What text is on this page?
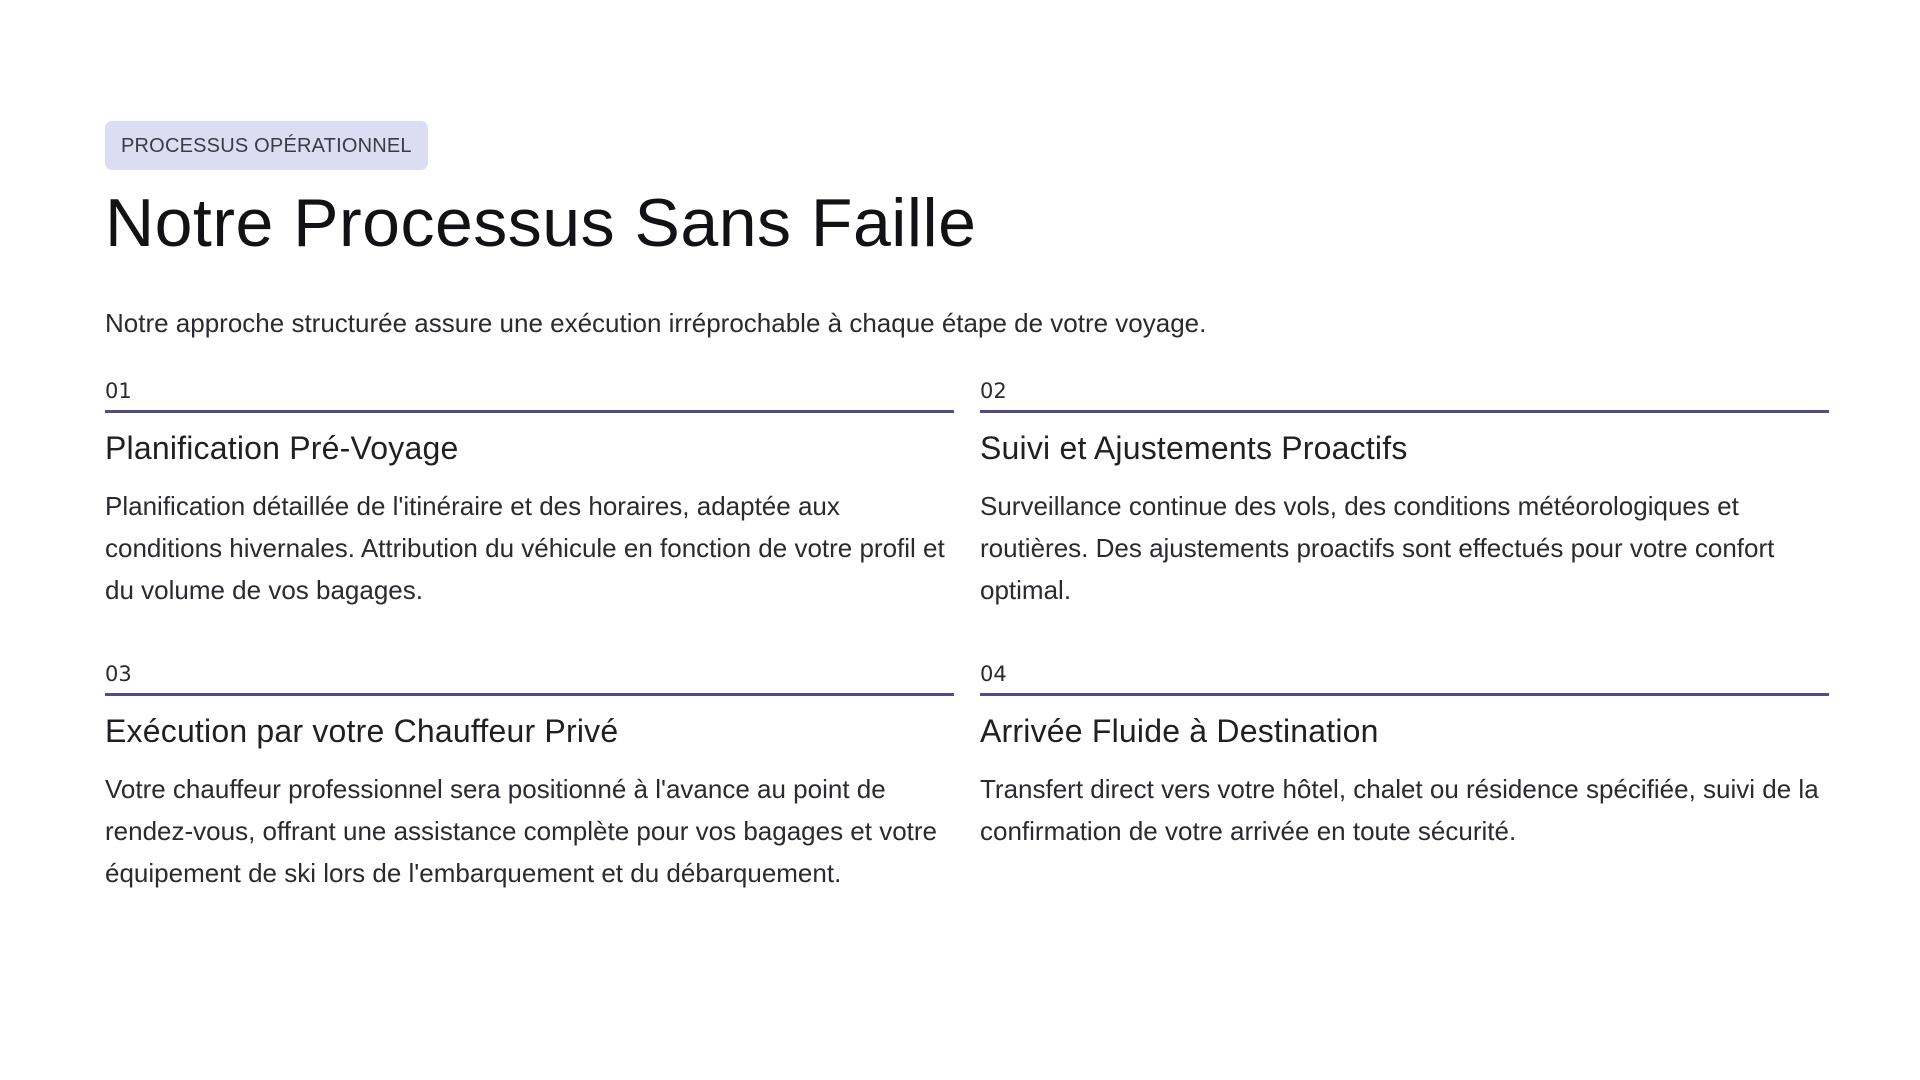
PROCESSUS OPÉRATIONNEL
Notre Processus Sans Faille

Notre approche structurée assure une exécution irréprochable à chaque étape de votre voyage.

01
Planification Pré-Voyage
Planification détaillée de l'itinéraire et des horaires, adaptée aux conditions hivernales. Attribution du véhicule en fonction de votre profil et du volume de vos bagages.
02
Suivi et Ajustements Proactifs
Surveillance continue des vols, des conditions météorologiques et routières. Des ajustements proactifs sont effectués pour votre confort optimal.
03
Exécution par votre Chauffeur Privé
Votre chauffeur professionnel sera positionné à l'avance au point de rendez-vous, offrant une assistance complète pour vos bagages et votre équipement de ski lors de l'embarquement et du débarquement.
04
Arrivée Fluide à Destination
Transfert direct vers votre hôtel, chalet ou résidence spécifiée, suivi de la confirmation de votre arrivée en toute sécurité.
